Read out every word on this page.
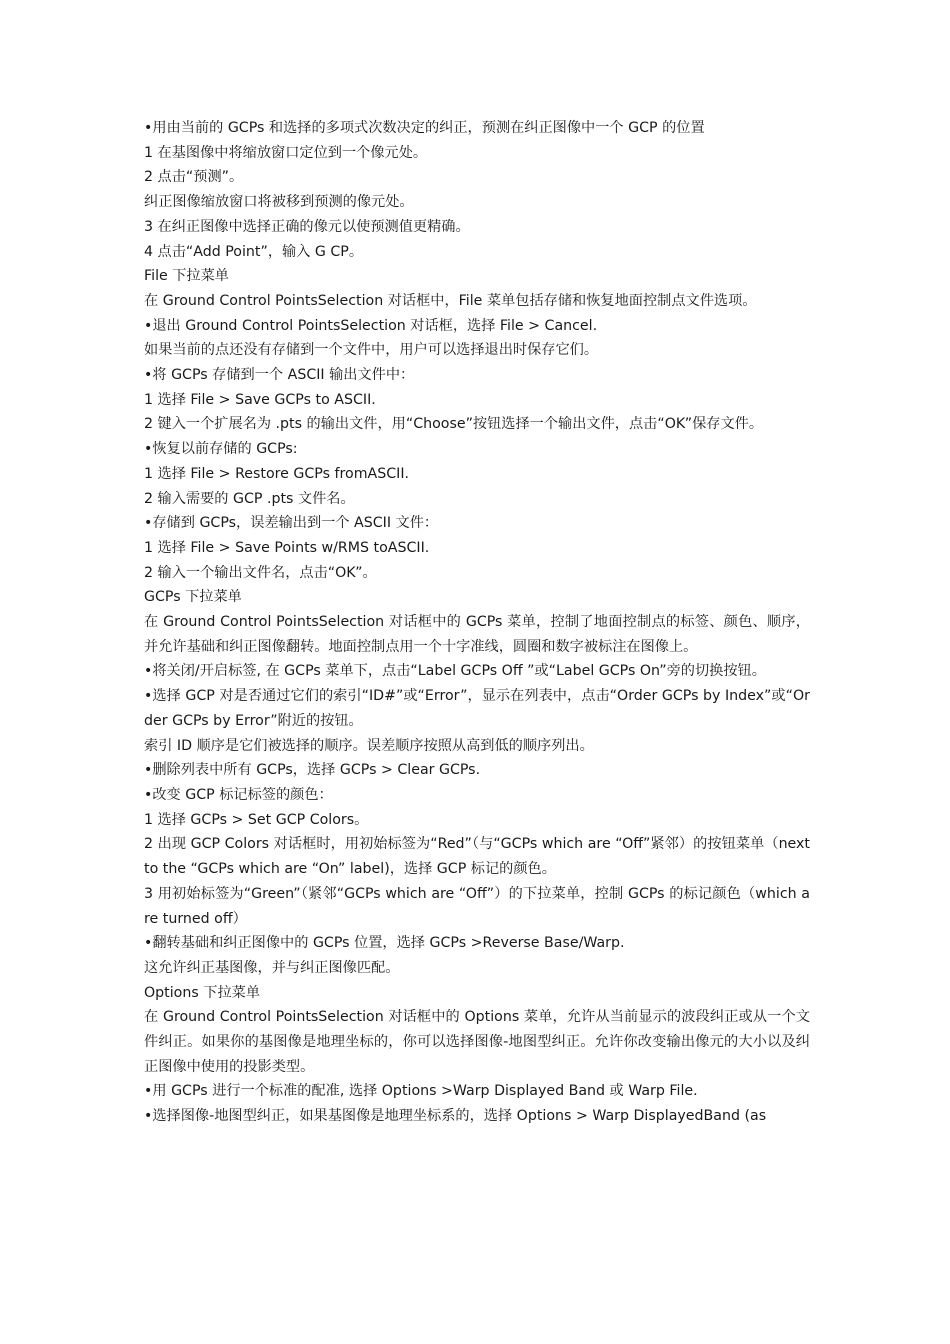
•用由当前的 GCPs 和选择的多项式次数决定的纠正，预测在纠正图像中一个 GCP 的位置

1 在基图像中将缩放窗口定位到一个像元处。

2 点击“预测”。

纠正图像缩放窗口将被移到预测的像元处。

3 在纠正图像中选择正确的像元以使预测值更精确。

4 点击“Add Point”，输入 G CP。

File 下拉菜单

在 Ground Control PointsSelection 对话框中，File 菜单包括存储和恢复地面控制点文件选项。

•退出 Ground Control PointsSelection 对话框，选择 File > Cancel.

如果当前的点还没有存储到一个文件中，用户可以选择退出时保存它们。

•将 GCPs 存储到一个 ASCII 输出文件中：

1 选择 File > Save GCPs to ASCII.

2 键入一个扩展名为 .pts 的输出文件，用“Choose”按钮选择一个输出文件，点击“OK”保存文件。

•恢复以前存储的 GCPs:

1 选择 File > Restore GCPs fromASCII.

2 输入需要的 GCP .pts 文件名。

•存储到 GCPs，误差输出到一个 ASCII 文件：

1 选择 File > Save Points w/RMS toASCII.

2 输入一个输出文件名，点击“OK”。

GCPs 下拉菜单

在 Ground Control PointsSelection 对话框中的 GCPs 菜单，控制了地面控制点的标签、颜色、顺序，并允许基础和纠正图像翻转。地面控制点用一个十字准线，圆圈和数字被标注在图像上。

•将关闭/开启标签, 在 GCPs 菜单下，点击“Label GCPs Off ”或“Label GCPs On”旁的切换按钮。

•选择 GCP 对是否通过它们的索引“ID#”或“Error”，显示在列表中，点击“Order GCPs by Index”或“Order GCPs by Error”附近的按钮。

索引 ID 顺序是它们被选择的顺序。误差顺序按照从高到低的顺序列出。

•删除列表中所有 GCPs，选择 GCPs > Clear GCPs.

•改变 GCP 标记标签的颜色：

1 选择 GCPs > Set GCP Colors。

2 出现 GCP Colors 对话框时，用初始标签为“Red”（与“GCPs which are “Off”紧邻）的按钮菜单（next to the “GCPs which are “On” label)，选择 GCP 标记的颜色。

3 用初始标签为“Green”（紧邻“GCPs which are “Off”）的下拉菜单，控制 GCPs 的标记颜色（which are turned off）

•翻转基础和纠正图像中的 GCPs 位置，选择 GCPs >Reverse Base/Warp.

这允许纠正基图像，并与纠正图像匹配。

Options 下拉菜单

在 Ground Control PointsSelection 对话框中的 Options 菜单，允许从当前显示的波段纠正或从一个文件纠正。如果你的基图像是地理坐标的，你可以选择图像-地图型纠正。允许你改变输出像元的大小以及纠正图像中使用的投影类型。

•用 GCPs 进行一个标准的配准, 选择 Options >Warp Displayed Band 或 Warp File.

•选择图像-地图型纠正，如果基图像是地理坐标系的，选择 Options > Warp DisplayedBand (as
